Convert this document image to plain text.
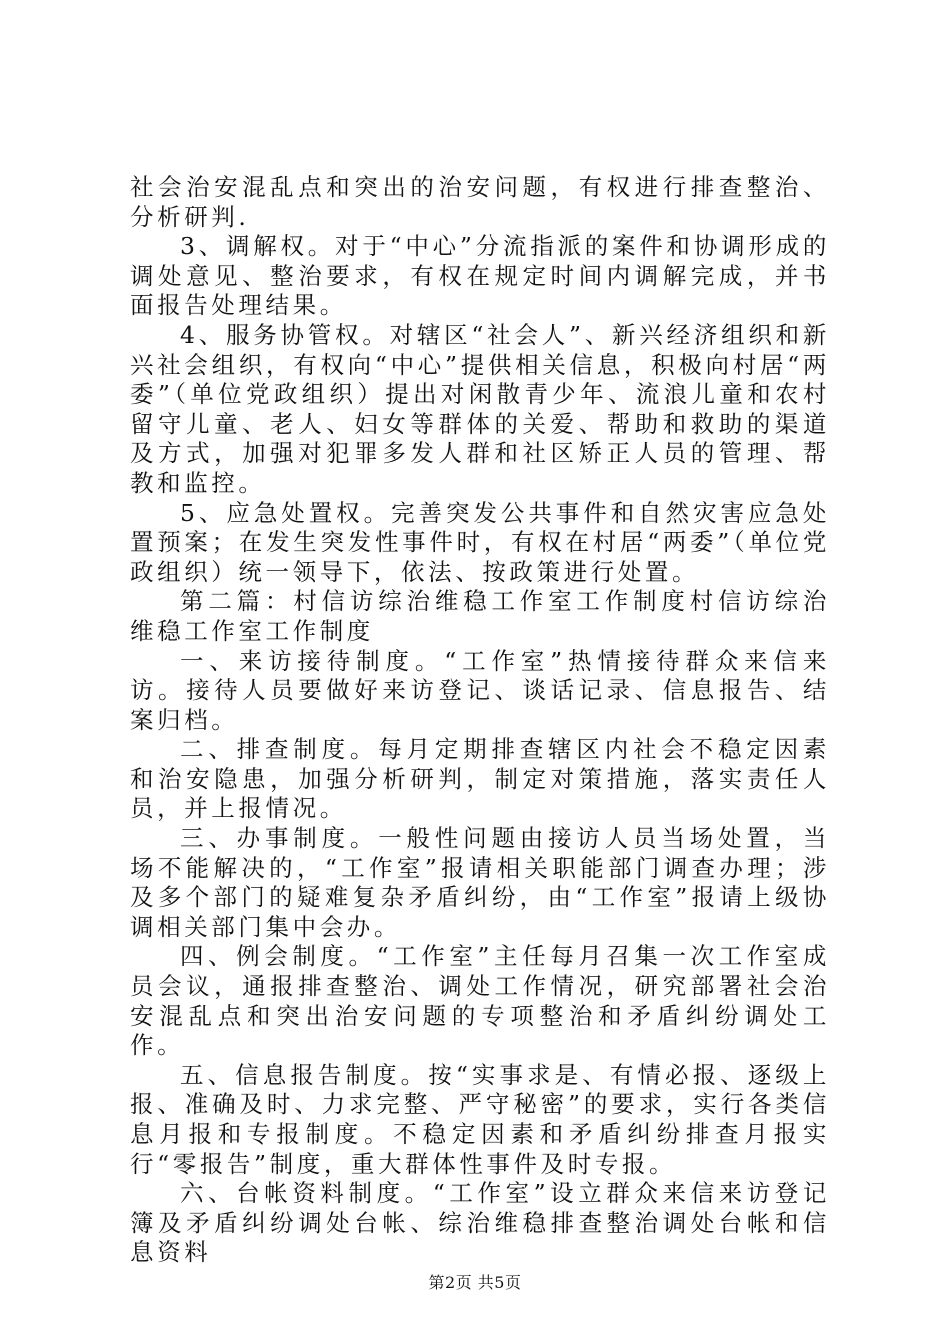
社会治安混乱点和突出的治安问题，有权进行排查整治、分析研判.

3、调解权。对于“中心”分流指派的案件和协调形成的调处意见、整治要求，有权在规定时间内调解完成，并书面报告处理结果。

4、服务协管权。对辖区“社会人”、新兴经济组织和新兴社会组织，有权向“中心”提供相关信息，积极向村居“两委”（单位党政组织）提出对闲散青少年、流浪儿童和农村留守儿童、老人、妇女等群体的关爱、帮助和救助的渠道及方式，加强对犯罪多发人群和社区矫正人员的管理、帮教和监控。

5、应急处置权。完善突发公共事件和自然灾害应急处置预案；在发生突发性事件时，有权在村居“两委”（单位党政组织）统一领导下，依法、按政策进行处置。

第二篇：村信访综治维稳工作室工作制度村信访综治维稳工作室工作制度

一、来访接待制度。“工作室”热情接待群众来信来访。接待人员要做好来访登记、谈话记录、信息报告、结案归档。

二、排查制度。每月定期排查辖区内社会不稳定因素和治安隐患，加强分析研判，制定对策措施，落实责任人员，并上报情况。

三、办事制度。一般性问题由接访人员当场处置，当场不能解决的，“工作室”报请相关职能部门调查办理；涉及多个部门的疑难复杂矛盾纠纷，由“工作室”报请上级协调相关部门集中会办。

四、例会制度。“工作室”主任每月召集一次工作室成员会议，通报排查整治、调处工作情况，研究部署社会治安混乱点和突出治安问题的专项整治和矛盾纠纷调处工作。

五、信息报告制度。按“实事求是、有情必报、逐级上报、准确及时、力求完整、严守秘密”的要求，实行各类信息月报和专报制度。不稳定因素和矛盾纠纷排查月报实行“零报告”制度，重大群体性事件及时专报。

六、台帐资料制度。“工作室”设立群众来信来访登记簿及矛盾纠纷调处台帐、综治维稳排查整治调处台帐和信息资料

第2页 共5页
